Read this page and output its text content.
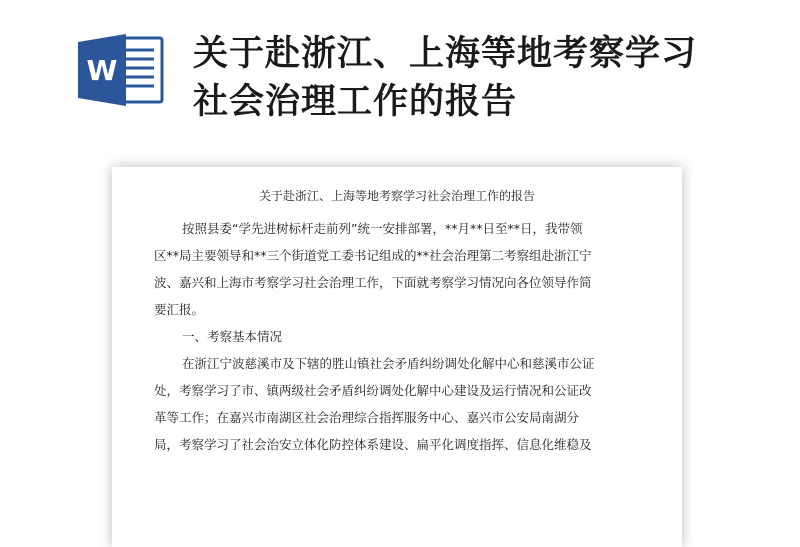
W 关于赴浙江、上海等地考察学习
社会治理工作的报告
关于赴浙江、上海等地考察学习社会治理工作的报告
按照县委“学先进树标杆走前列”统一安排部署，**月**日至**日，我带领
区**局主要领导和**三个街道党工委书记组成的**社会治理第二考察组赴浙江宁
波、嘉兴和上海市考察学习社会治理工作，下面就考察学习情况向各位领导作简
要汇报。
一、考察基本情况
在浙江宁波慈溪市及下辖的胜山镇社会矛盾纠纷调处化解中心和慈溪市公证
处，考察学习了市、镇两级社会矛盾纠纷调处化解中心建设及运行情况和公证改
革等工作；在嘉兴市南湖区社会治理综合指挥服务中心、嘉兴市公安局南湖分
局，考察学习了社会治安立体化防控体系建设、扁平化调度指挥、信息化维稳及
